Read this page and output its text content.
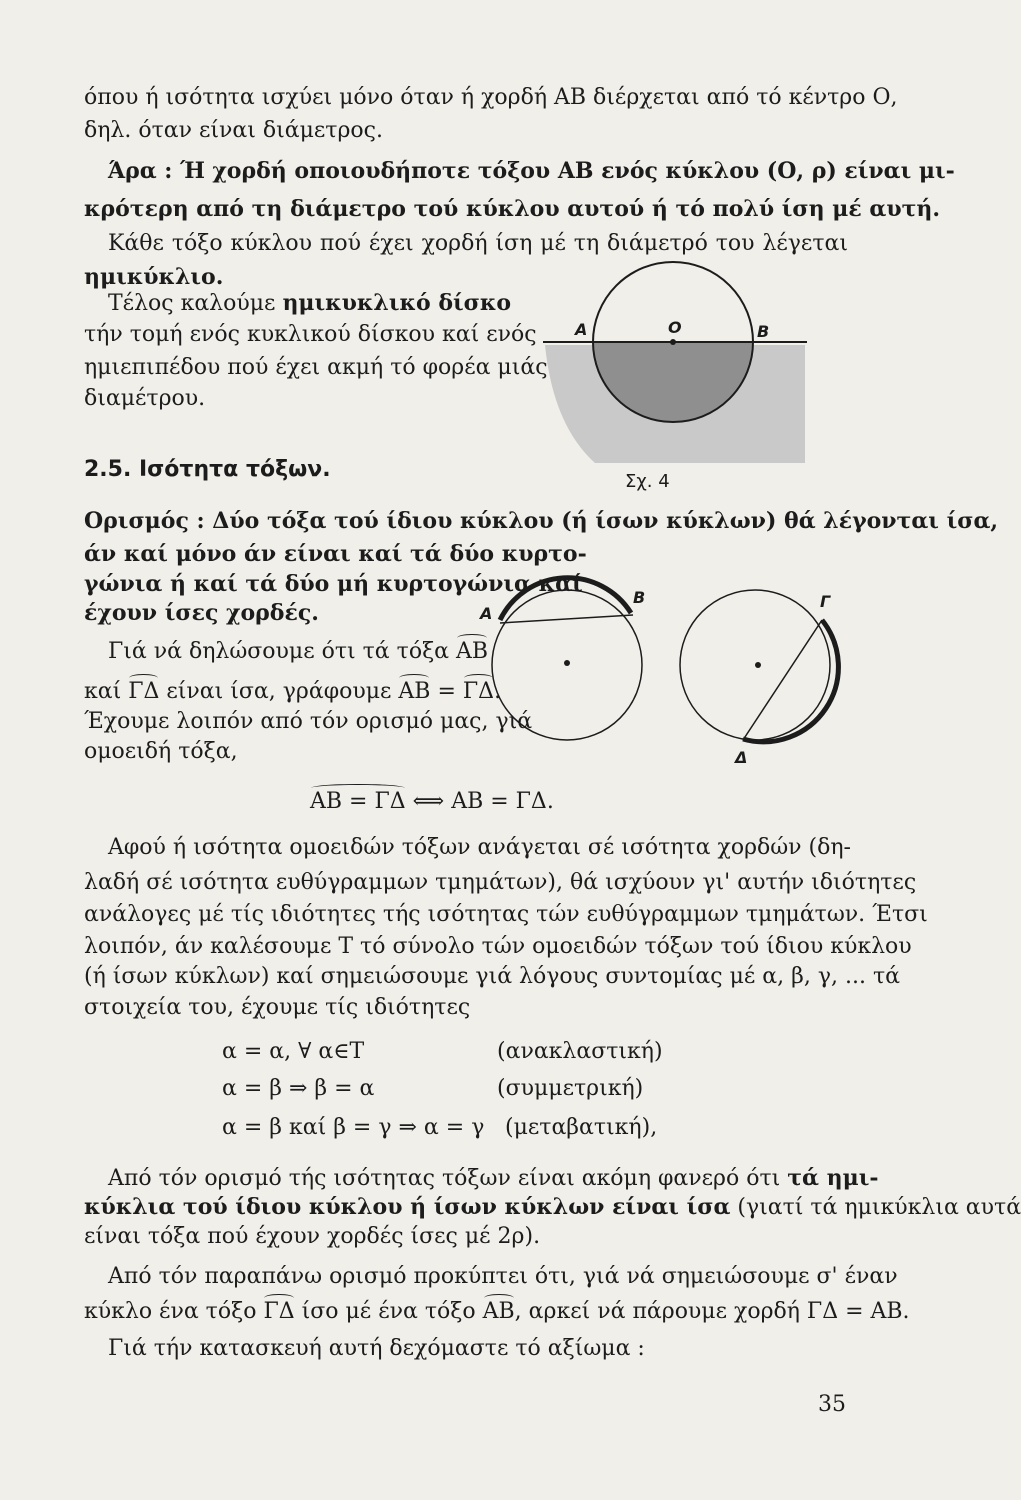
όπου ή ισότητα ισχύει μόνο όταν ή χορδή ΑΒ διέρχεται από τό κέντρο Ο,

δηλ. όταν είναι διάμετρος.

Άρα : Ή χορδή οποιουδήποτε τόξου ΑΒ ενός κύκλου (Ο, ρ) είναι μι-

κρότερη από τη διάμετρο τού κύκλου αυτού ή τό πολύ ίση μέ αυτή.

Κάθε τόξο κύκλου πού έχει χορδή ίση μέ τη διάμετρό του λέγεται

ημικύκλιο.

Τέλος καλούμε ημικυκλικό δίσκο

τήν τομή ενός κυκλικού δίσκου καί ενός

ημιεπιπέδου πού έχει ακμή τό φορέα μιάς

διαμέτρου.

2.5. Ισότητα τόξων.

Ορισμός : Δύο τόξα τού ίδιου κύκλου (ή ίσων κύκλων) θά λέγονται ίσα,

άν καί μόνο άν είναι καί τά δύο κυρτο-

γώνια ή καί τά δύο μή κυρτογώνια καί

έχουν ίσες χορδές.

Γιά νά δηλώσουμε ότι τά τόξα ΑΒ

καί ΓΔ είναι ίσα, γράφουμε ΑΒ = ΓΔ.

Έχουμε λοιπόν από τόν ορισμό μας, γιά

ομοειδή τόξα,

ΑΒ = ΓΔ ⟺ ΑΒ = ΓΔ.

Αφού ή ισότητα ομοειδών τόξων ανάγεται σέ ισότητα χορδών (δη-

λαδή σέ ισότητα ευθύγραμμων τμημάτων), θά ισχύουν γι' αυτήν ιδιότητες

ανάλογες μέ τίς ιδιότητες τής ισότητας τών ευθύγραμμων τμημάτων. Έτσι

λοιπόν, άν καλέσουμε Τ τό σύνολο τών ομοειδών τόξων τού ίδιου κύκλου

(ή ίσων κύκλων) καί σημειώσουμε γιά λόγους συντομίας μέ α, β, γ, ... τά

στοιχεία του, έχουμε τίς ιδιότητες

α = α, ∀ α∈Τ	(ανακλαστική)

α = β ⇒ β = α	(συμμετρική)

α = β καί β = γ ⇒ α = γ (μεταβατική),

Από τόν ορισμό τής ισότητας τόξων είναι ακόμη φανερό ότι τά ημι-

κύκλια τού ίδιου κύκλου ή ίσων κύκλων είναι ίσα (γιατί τά ημικύκλια αυτά

είναι τόξα πού έχουν χορδές ίσες μέ 2ρ).

Από τόν παραπάνω ορισμό προκύπτει ότι, γιά νά σημειώσουμε σ' έναν

κύκλο ένα τόξο ΓΔ ίσο μέ ένα τόξο ΑΒ, αρκεί νά πάρουμε χορδή ΓΔ = ΑΒ.

Γιά τήν κατασκευή αυτή δεχόμαστε τό αξίωμα :

35

Α	Ο	Β
Σχ. 4
Α
Β	Γ
Δ
